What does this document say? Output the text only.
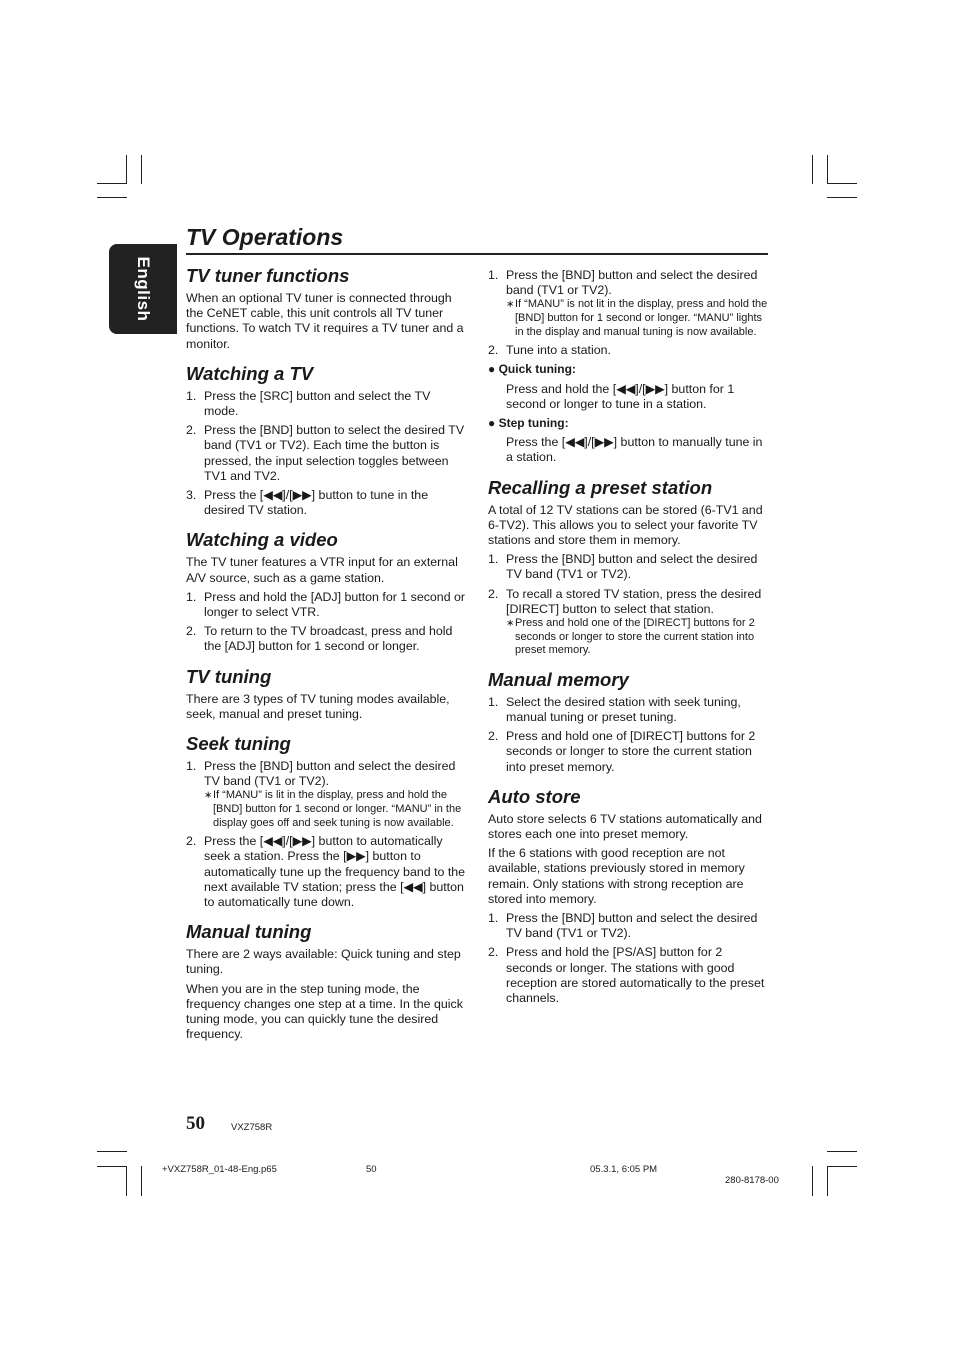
English
TV Operations
TV tuner functions

When an optional TV tuner is connected through the CeNET cable, this unit controls all TV tuner functions. To watch TV it requires a TV tuner and a monitor.

Watching a TV
1. Press the [SRC] button and select the TV mode.
2. Press the [BND] button to select the desired TV band (TV1 or TV2). Each time the button is pressed, the input selection toggles between TV1 and TV2.
3. Press the [◀◀]/[▶▶] button to tune in the desired TV station.
Watching a video

The TV tuner features a VTR input for an external A/V source, such as a game station.

1. Press and hold the [ADJ] button for 1 second or longer to select VTR.
2. To return to the TV broadcast, press and hold the [ADJ] button for 1 second or longer.
TV tuning

There are 3 types of TV tuning modes available, seek, manual and preset tuning.

Seek tuning
1. Press the [BND] button and select the desired TV band (TV1 or TV2).

∗ If “MANU” is lit in the display, press and hold the [BND] button for 1 second or longer. “MANU” in the display goes off and seek tuning is now available.

2. Press the [◀◀]/[▶▶] button to automatically seek a station. Press the [▶▶] button to automatically tune up the frequency band to the next available TV station; press the [◀◀] button to automatically tune down.
Manual tuning

There are 2 ways available: Quick tuning and step tuning.

When you are in the step tuning mode, the frequency changes one step at a time. In the quick tuning mode, you can quickly tune the desired frequency.

1. Press the [BND] button and select the desired band (TV1 or TV2).

∗ If “MANU” is not lit in the display, press and hold the [BND] button for 1 second or longer. “MANU” lights in the display and manual tuning is now available.

2. Tune into a station.

● Quick tuning:

Press and hold the [◀◀]/[▶▶] button for 1 second or longer to tune in a station.

● Step tuning:

Press the [◀◀]/[▶▶] button to manually tune in a station.

Recalling a preset station

A total of 12 TV stations can be stored (6-TV1 and 6-TV2). This allows you to select your favorite TV stations and store them in memory.

1. Press the [BND] button and select the desired TV band (TV1 or TV2).
2. To recall a stored TV station, press the desired [DIRECT] button to select that station.

∗ Press and hold one of the [DIRECT] buttons for 2 seconds or longer to store the current station into preset memory.

Manual memory
1. Select the desired station with seek tuning, manual tuning or preset tuning.
2. Press and hold one of [DIRECT] buttons for 2 seconds or longer to store the current station into preset memory.
Auto store

Auto store selects 6 TV stations automatically and stores each one into preset memory.

If the 6 stations with good reception are not available, stations previously stored in memory remain. Only stations with strong reception are stored into memory.

1. Press the [BND] button and select the desired TV band (TV1 or TV2).
2. Press and hold the [PS/AS] button for 2 seconds or longer. The stations with good reception are stored automatically to the preset channels.
50	VXZ758R
+VXZ758R_01-48-Eng.p65	50	05.3.1, 6:05 PM
280-8178-00
